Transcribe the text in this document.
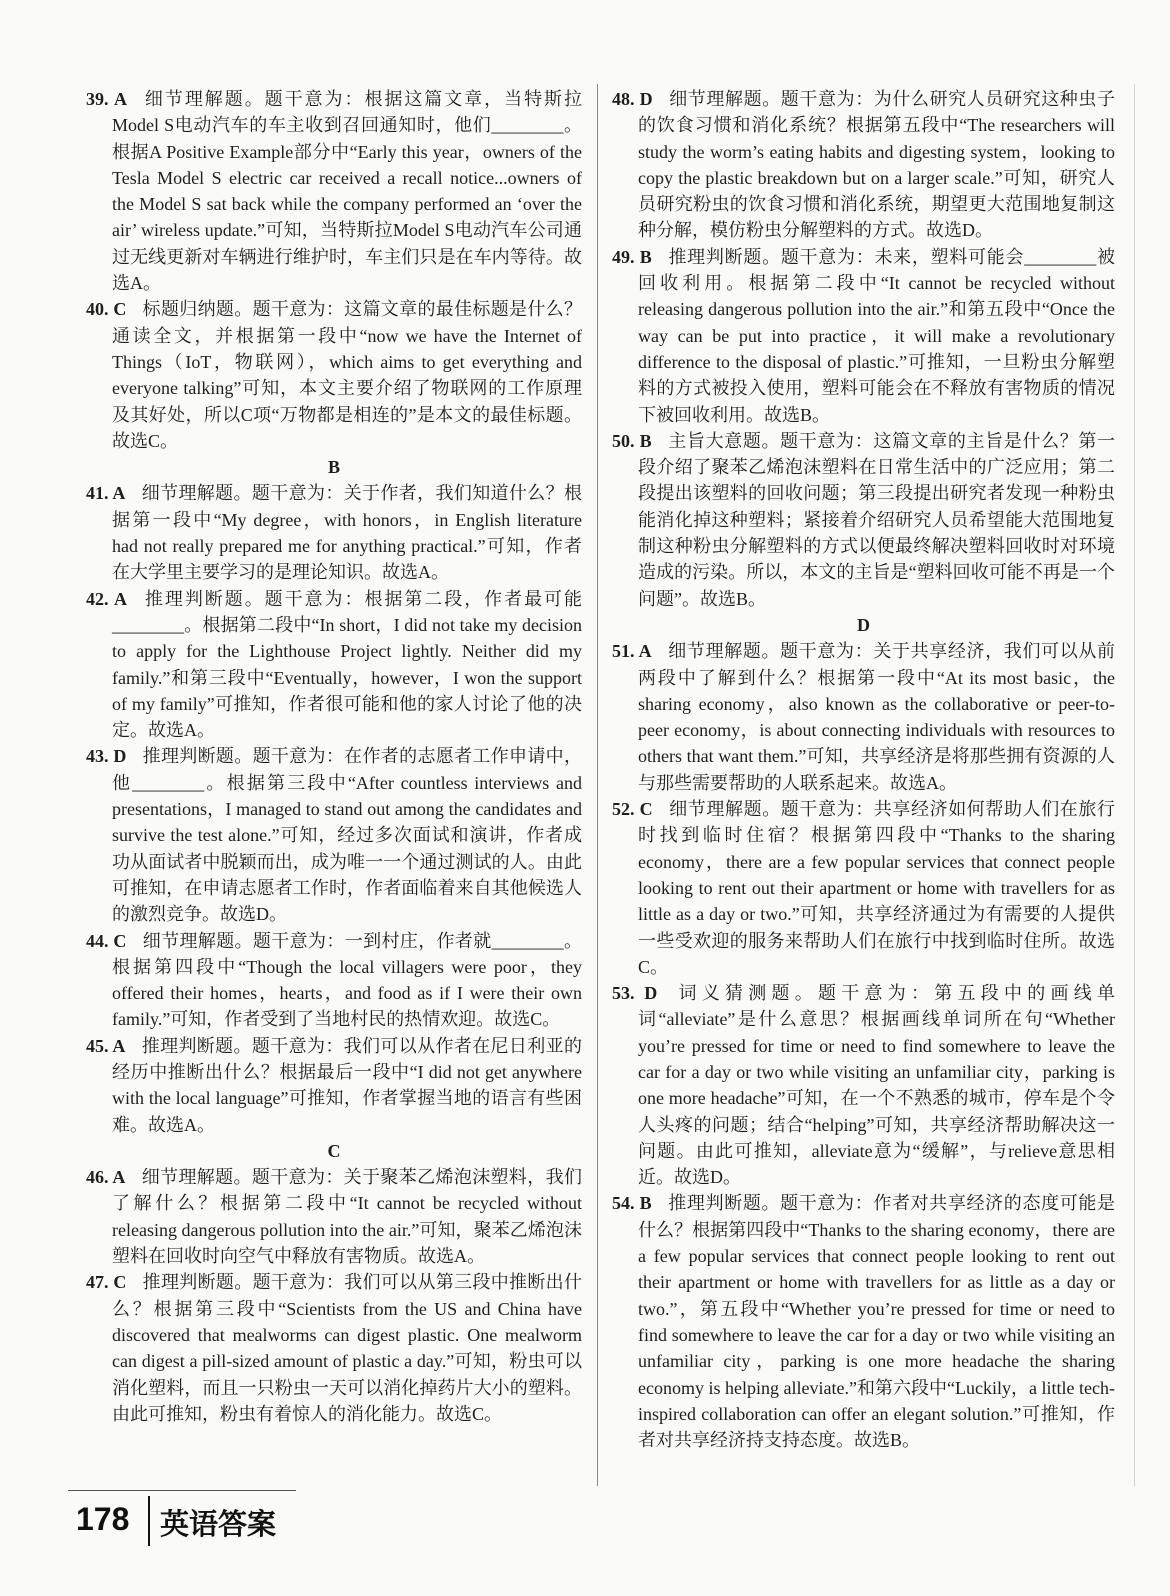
39. A 细节理解题。题干意为：根据这篇文章，当特斯拉Model S电动汽车的车主收到召回通知时，他们________。根据A Positive Example部分中“Early this year，owners of the Tesla Model S electric car received a recall notice...owners of the Model S sat back while the company performed an ‘over the air’ wireless update.”可知，当特斯拉Model S电动汽车公司通过无线更新对车辆进行维护时，车主们只是在车内等待。故选A。

40. C 标题归纳题。题干意为：这篇文章的最佳标题是什么？通读全文，并根据第一段中“now we have the Internet of Things（IoT，物联网），which aims to get everything and everyone talking”可知，本文主要介绍了物联网的工作原理及其好处，所以C项“万物都是相连的”是本文的最佳标题。故选C。

B

41. A 细节理解题。题干意为：关于作者，我们知道什么？根据第一段中“My degree，with honors，in English literature had not really prepared me for anything practical.”可知，作者在大学里主要学习的是理论知识。故选A。

42. A 推理判断题。题干意为：根据第二段，作者最可能________。根据第二段中“In short，I did not take my decision to apply for the Lighthouse Project lightly. Neither did my family.”和第三段中“Eventually，however，I won the support of my family”可推知，作者很可能和他的家人讨论了他的决定。故选A。

43. D 推理判断题。题干意为：在作者的志愿者工作申请中，他________。根据第三段中“After countless interviews and presentations，I managed to stand out among the candidates and survive the test alone.”可知，经过多次面试和演讲，作者成功从面试者中脱颖而出，成为唯一一个通过测试的人。由此可推知，在申请志愿者工作时，作者面临着来自其他候选人的激烈竞争。故选D。

44. C 细节理解题。题干意为：一到村庄，作者就________。根据第四段中“Though the local villagers were poor，they offered their homes，hearts，and food as if I were their own family.”可知，作者受到了当地村民的热情欢迎。故选C。

45. A 推理判断题。题干意为：我们可以从作者在尼日利亚的经历中推断出什么？根据最后一段中“I did not get anywhere with the local language”可推知，作者掌握当地的语言有些困难。故选A。

C

46. A 细节理解题。题干意为：关于聚苯乙烯泡沫塑料，我们了解什么？根据第二段中“It cannot be recycled without releasing dangerous pollution into the air.”可知，聚苯乙烯泡沫塑料在回收时向空气中释放有害物质。故选A。

47. C 推理判断题。题干意为：我们可以从第三段中推断出什么？根据第三段中“Scientists from the US and China have discovered that mealworms can digest plastic. One mealworm can digest a pill-sized amount of plastic a day.”可知，粉虫可以消化塑料，而且一只粉虫一天可以消化掉药片大小的塑料。由此可推知，粉虫有着惊人的消化能力。故选C。

48. D 细节理解题。题干意为：为什么研究人员研究这种虫子的饮食习惯和消化系统？根据第五段中“The researchers will study the worm’s eating habits and digesting system，looking to copy the plastic breakdown but on a larger scale.”可知，研究人员研究粉虫的饮食习惯和消化系统，期望更大范围地复制这种分解，模仿粉虫分解塑料的方式。故选D。

49. B 推理判断题。题干意为：未来，塑料可能会________被回收利用。根据第二段中“It cannot be recycled without releasing dangerous pollution into the air.”和第五段中“Once the way can be put into practice，it will make a revolutionary difference to the disposal of plastic.”可推知，一旦粉虫分解塑料的方式被投入使用，塑料可能会在不释放有害物质的情况下被回收利用。故选B。

50. B 主旨大意题。题干意为：这篇文章的主旨是什么？第一段介绍了聚苯乙烯泡沫塑料在日常生活中的广泛应用；第二段提出该塑料的回收问题；第三段提出研究者发现一种粉虫能消化掉这种塑料；紧接着介绍研究人员希望能大范围地复制这种粉虫分解塑料的方式以便最终解决塑料回收时对环境造成的污染。所以，本文的主旨是“塑料回收可能不再是一个问题”。故选B。

D

51. A 细节理解题。题干意为：关于共享经济，我们可以从前两段中了解到什么？根据第一段中“At its most basic，the sharing economy，also known as the collaborative or peer-to-peer economy，is about connecting individuals with resources to others that want them.”可知，共享经济是将那些拥有资源的人与那些需要帮助的人联系起来。故选A。

52. C 细节理解题。题干意为：共享经济如何帮助人们在旅行时找到临时住宿？根据第四段中“Thanks to the sharing economy，there are a few popular services that connect people looking to rent out their apartment or home with travellers for as little as a day or two.”可知，共享经济通过为有需要的人提供一些受欢迎的服务来帮助人们在旅行中找到临时住所。故选C。

53. D 词义猜测题。题干意为：第五段中的画线单词“alleviate”是什么意思？根据画线单词所在句“Whether you’re pressed for time or need to find somewhere to leave the car for a day or two while visiting an unfamiliar city，parking is one more headache”可知，在一个不熟悉的城市，停车是个令人头疼的问题；结合“helping”可知，共享经济帮助解决这一问题。由此可推知，alleviate意为“缓解”，与relieve意思相近。故选D。

54. B 推理判断题。题干意为：作者对共享经济的态度可能是什么？根据第四段中“Thanks to the sharing economy，there are a few popular services that connect people looking to rent out their apartment or home with travellers for as little as a day or two.”，第五段中“Whether you’re pressed for time or need to find somewhere to leave the car for a day or two while visiting an unfamiliar city，parking is one more headache the sharing economy is helping alleviate.”和第六段中“Luckily，a little tech-inspired collaboration can offer an elegant solution.”可推知，作者对共享经济持支持态度。故选B。

178 英语答案
